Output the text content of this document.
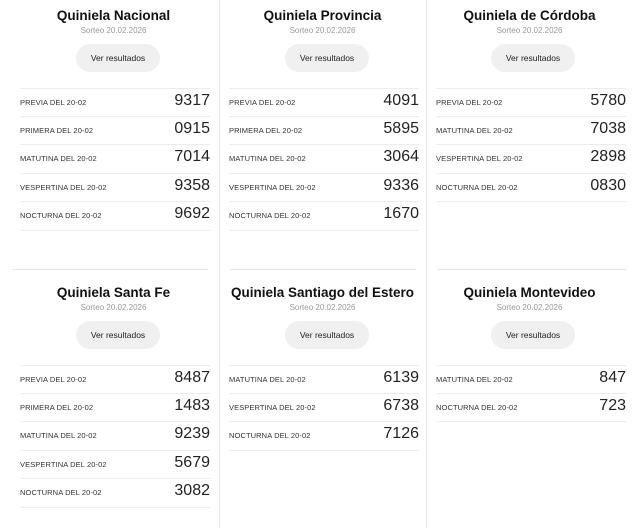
Quiniela Nacional
Sorteo 20.02.2026
Ver resultados
PREVIA DEL 20-02	9317
PRIMERA DEL 20-02	0915
MATUTINA DEL 20-02	7014
VESPERTINA DEL 20-02	9358
NOCTURNA DEL 20-02	9692
Quiniela Provincia
Sorteo 20.02.2026
Ver resultados
PREVIA DEL 20-02	4091
PRIMERA DEL 20-02	5895
MATUTINA DEL 20-02	3064
VESPERTINA DEL 20-02	9336
NOCTURNA DEL 20-02	1670
Quiniela de Córdoba
Sorteo 20.02.2026
Ver resultados
PREVIA DEL 20-02	5780
MATUTINA DEL 20-02	7038
VESPERTINA DEL 20-02	2898
NOCTURNA DEL 20-02	0830
Quiniela Santa Fe
Sorteo 20.02.2026
Ver resultados
PREVIA DEL 20-02	8487
PRIMERA DEL 20-02	1483
MATUTINA DEL 20-02	9239
VESPERTINA DEL 20-02	5679
NOCTURNA DEL 20-02	3082
Quiniela Santiago del Estero
Sorteo 20.02.2026
Ver resultados
MATUTINA DEL 20-02	6139
VESPERTINA DEL 20-02	6738
NOCTURNA DEL 20-02	7126
Quiniela Montevideo
Sorteo 20.02.2026
Ver resultados
MATUTINA DEL 20-02	847
NOCTURNA DEL 20-02	723
